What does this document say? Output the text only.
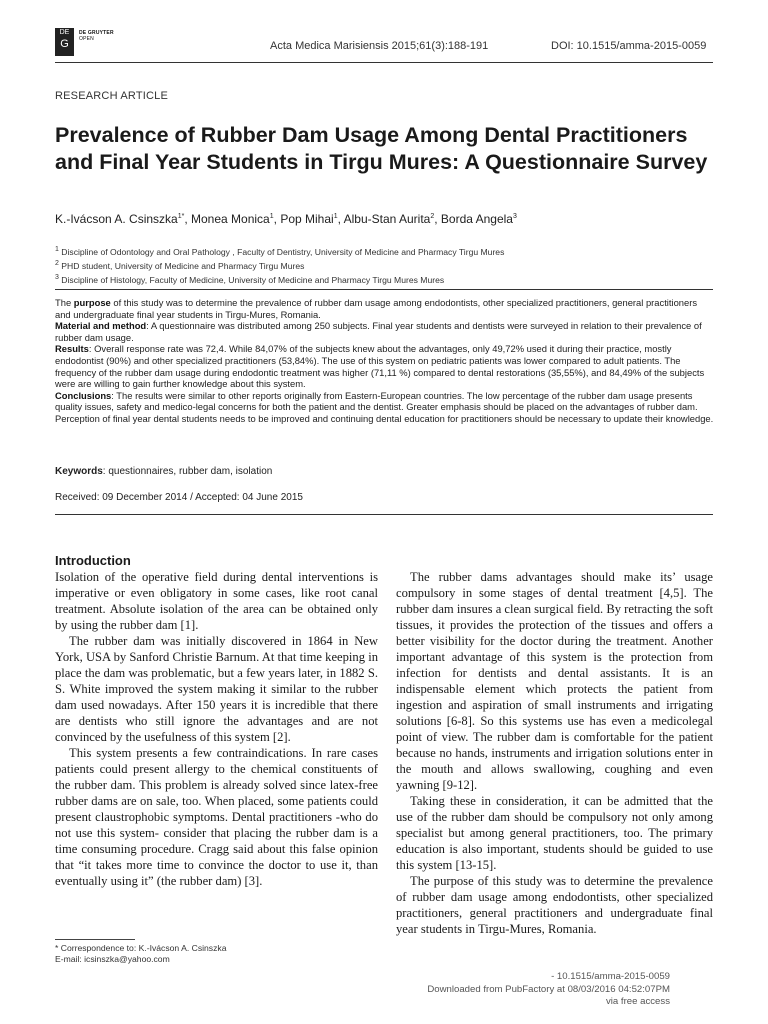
DE
G
DE GRUYTER
OPEN
Acta Medica Marisiensis 2015;61(3):188-191	DOI: 10.1515/amma-2015-0059
RESEARCH ARTICLE
Prevalence of Rubber Dam Usage Among Dental Practitioners and Final Year Students in Tirgu Mures: A Questionnaire Survey
K.-Ivácson A. Csinszka$^{1*}$, Monea Monica$^1$, Pop Mihai$^1$, Albu-Stan Aurita$^2$, Borda Angela$^3$
$^1$ Discipline of Odontology and Oral Pathology , Faculty of Dentistry, University of Medicine and Pharmacy Tirgu Mures
$^2$ PHD student, University of Medicine and Pharmacy Tirgu Mures
$^3$ Discipline of Histology, Faculty of Medicine, University of Medicine and Pharmacy Tirgu Mures Mures

The purpose of this study was to determine the prevalence of rubber dam usage among endodontists, other specialized practitioners, general practitioners and undergraduate final year students in Tirgu-Mures, Romania.

Material and method: A questionnaire was distributed among 250 subjects. Final year students and dentists were surveyed in relation to their prevalence of rubber dam usage.

Results: Overall response rate was 72,4. While 84,07% of the subjects knew about the advantages, only 49,72% used it during their practice, mostly endodontist (90%) and other specialized practitioners (53,84%). The use of this system on pediatric patients was lower compared to adult patients. The frequency of the rubber dam usage during endodontic treatment was higher (71,11 %) compared to dental restorations (35,55%), and 84,49% of the subjects were are willing to gain further knowledge about this system.

Conclusions: The results were similar to other reports originally from Eastern-European countries. The low percentage of the rubber dam usage presents quality issues, safety and medico-legal concerns for both the patient and the dentist. Greater emphasis should be placed on the advantages of rubber dam. Perception of final year dental students needs to be improved and continuing dental education for practitioners should be necessary to update their knowledge.

Keywords: questionnaires, rubber dam, isolation
Received: 09 December 2014 / Accepted: 04 June 2015
Introduction

Isolation of the operative field during dental interventions is imperative or even obligatory in some cases, like root canal treatment. Absolute isolation of the area can be obtained only by using the rubber dam [1].

The rubber dam was initially discovered in 1864 in New York, USA by Sanford Christie Barnum. At that time keeping in place the dam was problematic, but a few years later, in 1882 S. S. White improved the system making it similar to the rubber dam used nowadays. After 150 years it is incredible that there are dentists who still ignore the advantages and are not convinced by the usefulness of this system [2].

This system presents a few contraindications. In rare cases patients could present allergy to the chemical constituents of the rubber dam. This problem is already solved since latex-free rubber dams are on sale, too. When placed, some patients could present claustrophobic symptoms. Dental practitioners -who do not use this system- consider that placing the rubber dam is a time consuming procedure. Cragg said about this false opinion that “it takes more time to convince the doctor to use it, than eventually using it” (the rubber dam) [3].

The rubber dams advantages should make its’ usage compulsory in some stages of dental treatment [4,5]. The rubber dam insures a clean surgical field. By retracting the soft tissues, it provides the protection of the tissues and offers a better visibility for the doctor during the treatment. Another important advantage of this system is the protection from infection for dentists and dental assistants. It is an indispensable element which protects the patient from ingestion and aspiration of small instruments and irrigating solutions [6-8]. So this systems use has even a medicolegal point of view. The rubber dam is comfortable for the patient because no hands, instruments and irrigation solutions enter in the mouth and allows swallowing, coughing and even yawning [9-12].

Taking these in consideration, it can be admitted that the use of the rubber dam should be compulsory not only among specialist but among general practitioners, too. The primary education is also important, students should be guided to use this system [13-15].

The purpose of this study was to determine the prevalence of rubber dam usage among endodontists, other specialized practitioners, general practitioners and undergraduate final year students in Tirgu-Mures, Romania.

* Correspondence to: K.-Ivácson A. Csinszka
E-mail: icsinszka@yahoo.com
- 10.1515/amma-2015-0059
Downloaded from PubFactory at 08/03/2016 04:52:07PM
via free access
